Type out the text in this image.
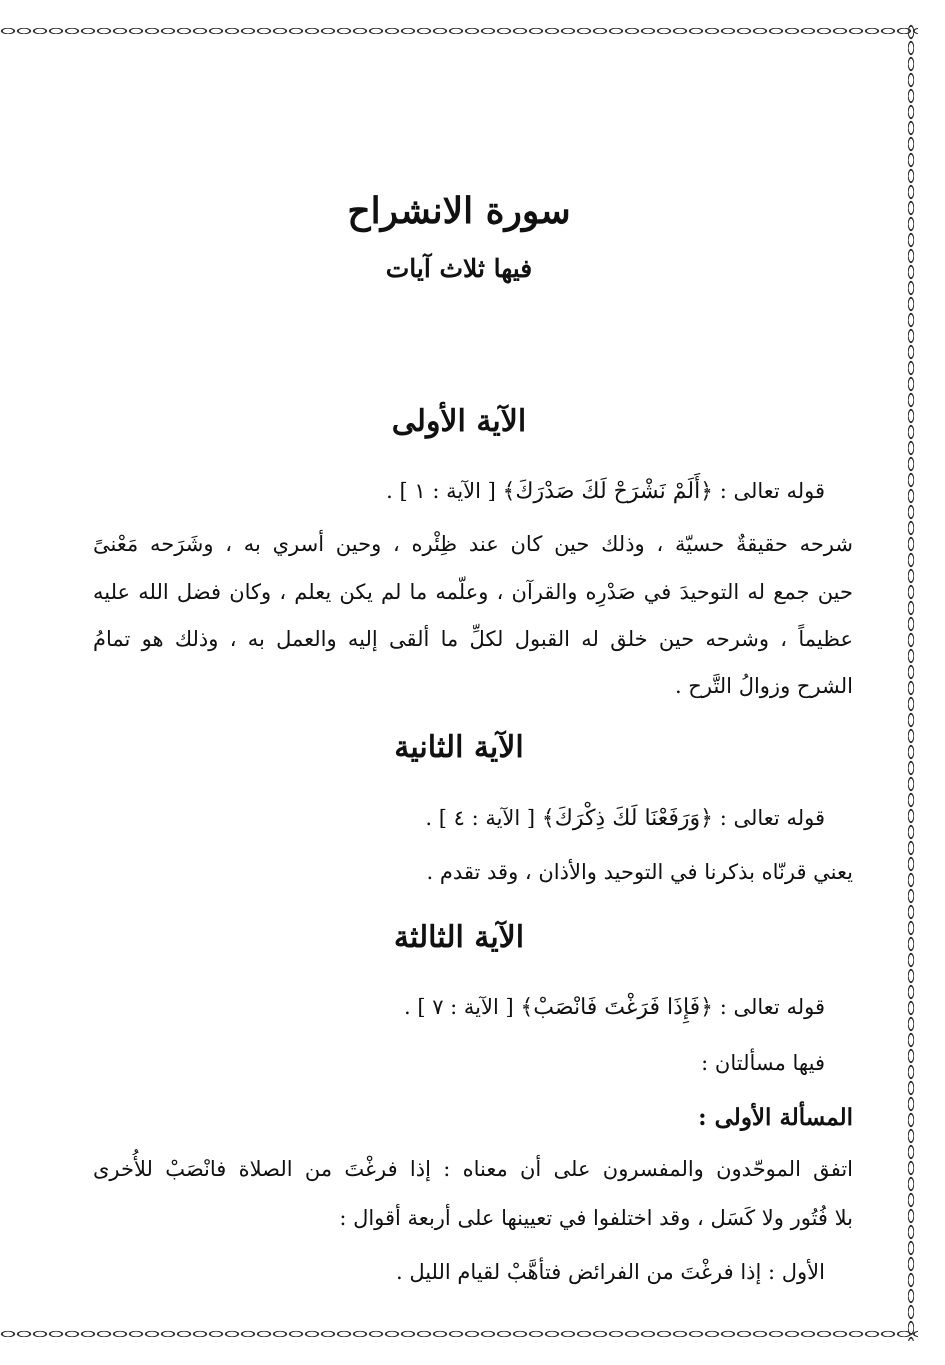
سورة الانشراح
فيها ثلاث آيات
الآية الأولى
قوله تعالى : ﴿أَلَمْ نَشْرَحْ لَكَ صَدْرَكَ﴾ [ الآية : ١ ] .
شرحه حقيقةٌ حسيّة ، وذلك حين كان عند ظِئْره ، وحين أسري به ، وشَرَحه مَعْنىً
حين جمع له التوحيدَ في صَدْرِه والقرآن ، وعلّمه ما لم يكن يعلم ، وكان فضل الله عليه
عظيماً ، وشرحه حين خلق له القبول لكلِّ ما ألقى إليه والعمل به ، وذلك هو تمامُ
الشرح وزوالُ التَّرح .
الآية الثانية
قوله تعالى : ﴿وَرَفَعْنَا لَكَ ذِكْرَكَ﴾ [ الآية : ٤ ] .
يعني قرنّاه بذكرنا في التوحيد والأذان ، وقد تقدم .
الآية الثالثة
قوله تعالى : ﴿فَإِذَا فَرَغْتَ فَانْصَبْ﴾ [ الآية : ٧ ] .
فيها مسألتان :
المسألة الأولى :
اتفق الموحّدون والمفسرون على أن معناه : إذا فرغْتَ من الصلاة فانْصَبْ للأُخرى
بلا فُتُور ولا كَسَل ، وقد اختلفوا في تعيينها على أربعة أقوال :
الأول : إذا فرغْتَ من الفرائض فتأهَّبْ لقيام الليل .
